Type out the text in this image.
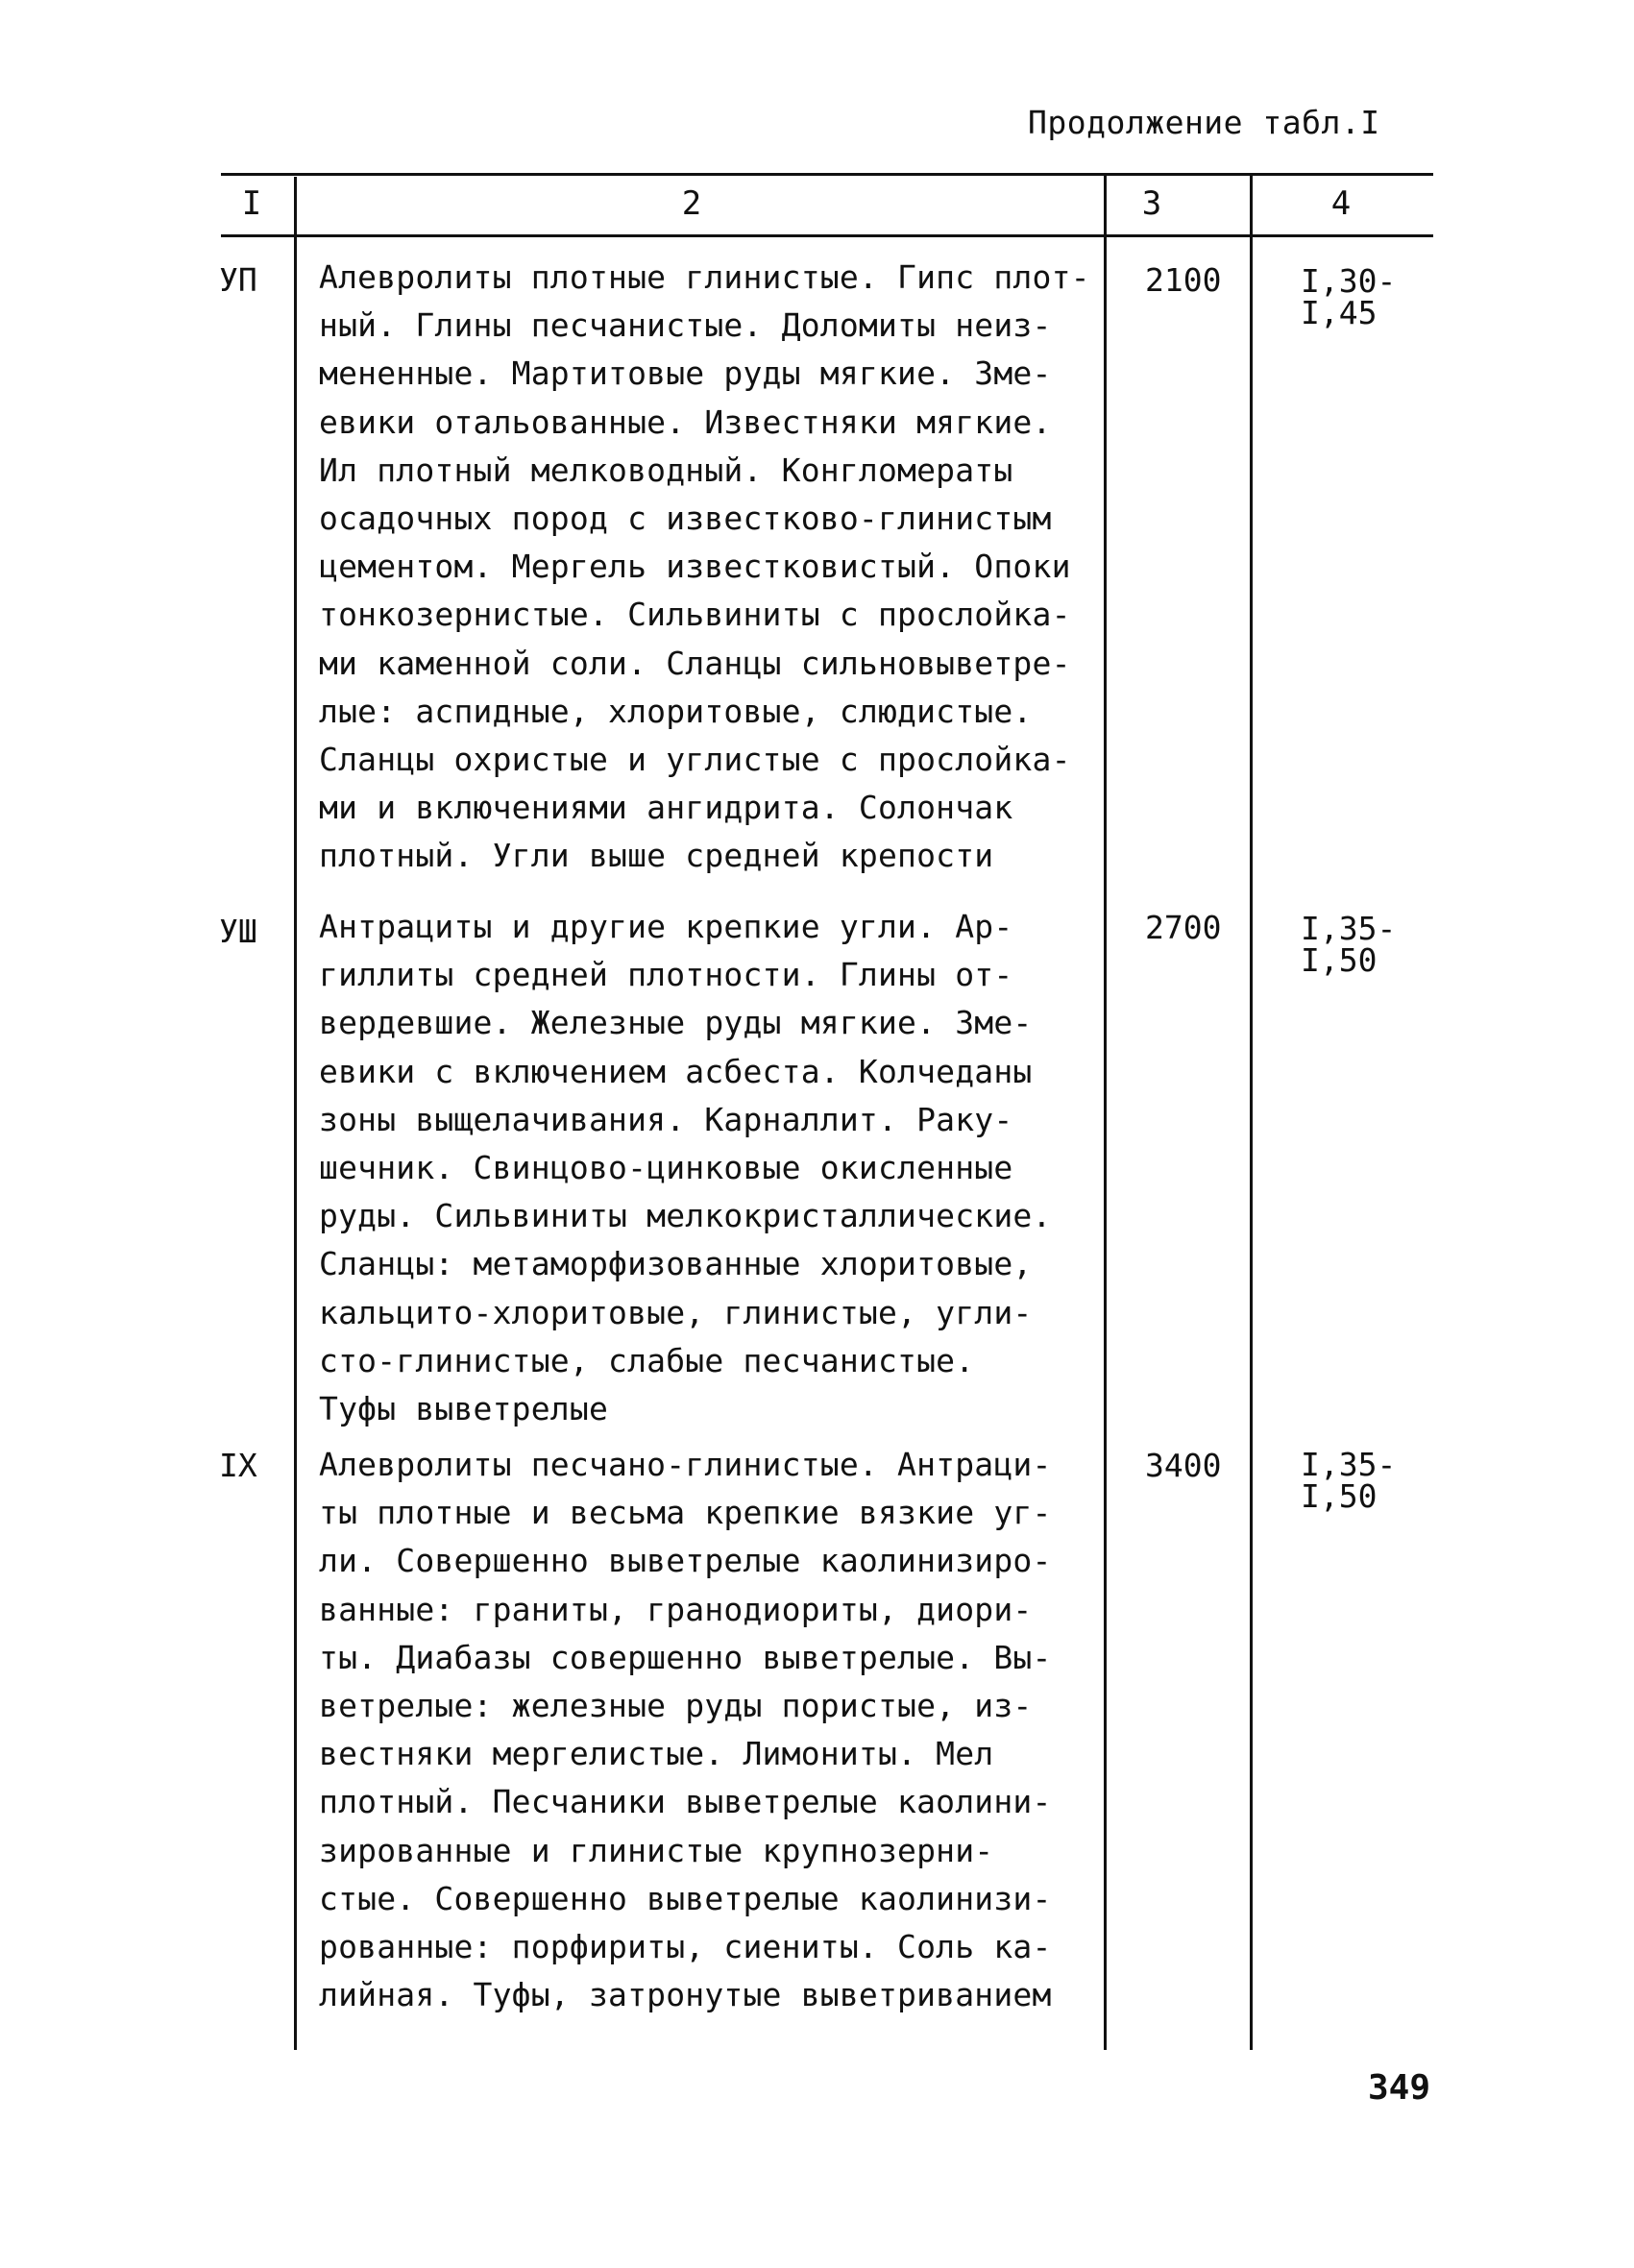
Продолжение табл.I
I	2	3	4
УП Алевролиты плотные глинистые. Гипс плот-
ный. Глины песчанистые. Доломиты неиз-
мененные. Мартитовые руды мягкие. Зме-
евики отальованные. Известняки мягкие.
Ил плотный мелководный. Конгломераты
осадочных пород с известково-глинистым
цементом. Мергель известковистый. Опоки
тонкозернистые. Сильвиниты с прослойка-
ми каменной соли. Сланцы сильновыветре-
лые: аспидные, хлоритовые, слюдистые.
Сланцы охристые и углистые с прослойка-
ми и включениями ангидрита. Солончак
плотный. Угли выше средней крепости
2100	I,30-
I,45
УШ Антрациты и другие крепкие угли. Ар-
гиллиты средней плотности. Глины от-
вердевшие. Железные руды мягкие. Зме-
евики с включением асбеста. Колчеданы
зоны выщелачивания. Карналлит. Раку-
шечник. Свинцово-цинковые окисленные
руды. Сильвиниты мелкокристаллические.
Сланцы: метаморфизованные хлоритовые,
кальцито-хлоритовые, глинистые, угли-
сто-глинистые, слабые песчанистые.
Туфы выветрелые
2700	I,35-
I,50
IX Алевролиты песчано-глинистые. Антраци-
ты плотные и весьма крепкие вязкие уг-
ли. Совершенно выветрелые каолинизиро-
ванные: граниты, гранодиориты, диори-
ты. Диабазы совершенно выветрелые. Вы-
ветрелые: железные руды пористые, из-
вестняки мергелистые. Лимониты. Мел
плотный. Песчаники выветрелые каолини-
зированные и глинистые крупнозерни-
стые. Совершенно выветрелые каолинизи-
рованные: порфириты, сиениты. Соль ка-
лийная. Туфы, затронутые выветриванием
3400	I,35-
I,50
349
